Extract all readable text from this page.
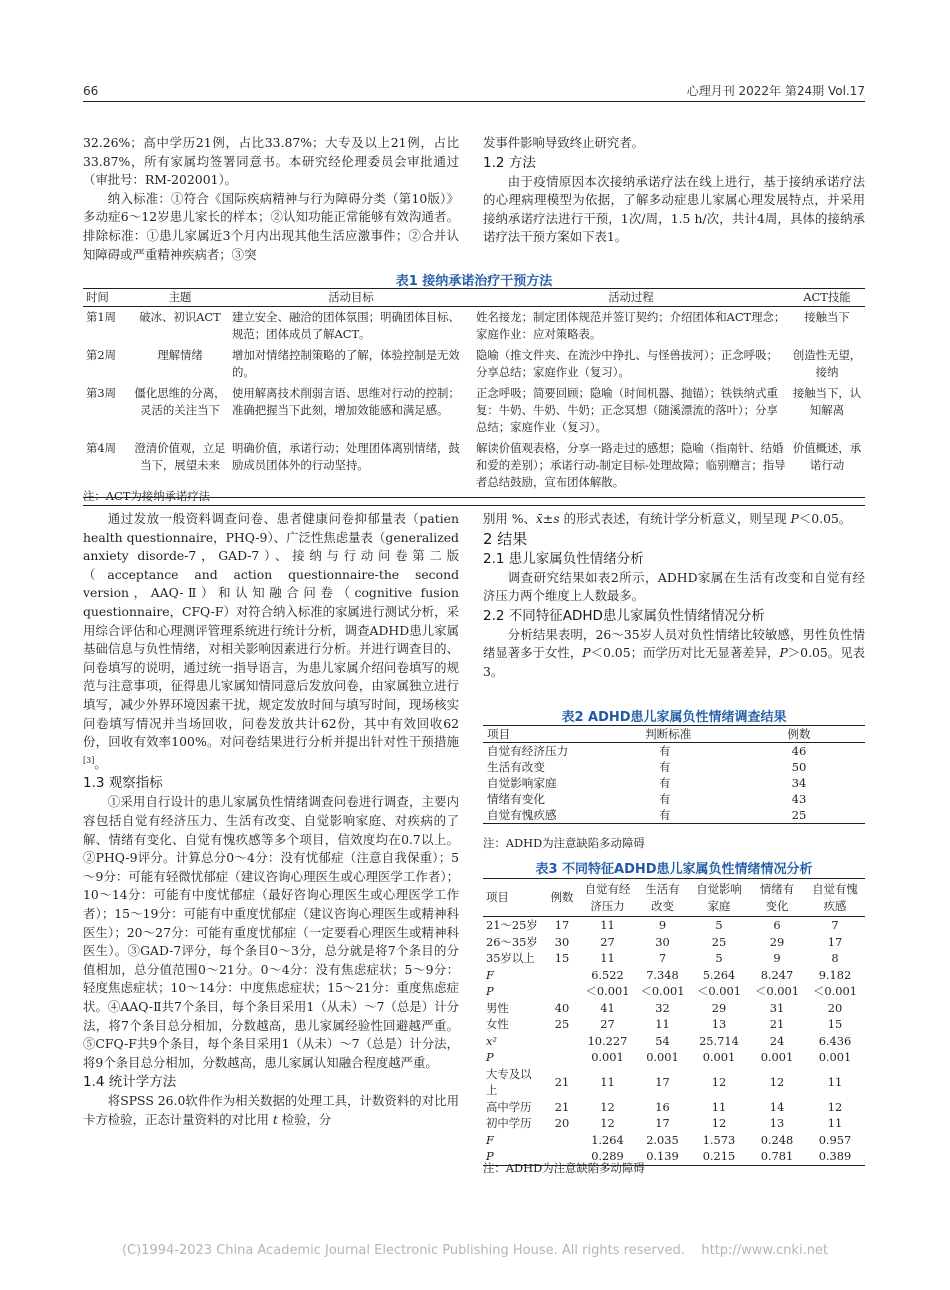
66	心理月刊 2022年 第24期 Vol.17

32.26%；高中学历21例，占比33.87%；大专及以上21例，占比33.87%，所有家属均签署同意书。本研究经伦理委员会审批通过（审批号：RM-202001）。

纳入标准：①符合《国际疾病精神与行为障碍分类（第10版）》多动症6～12岁患儿家长的样本；②认知功能正常能够有效沟通者。排除标准：①患儿家属近3个月内出现其他生活应激事件；②合并认知障碍或严重精神疾病者；③突

发事件影响导致终止研究者。

1.2 方法

由于疫情原因本次接纳承诺疗法在线上进行，基于接纳承诺疗法的心理病理模型为依据，了解多动症患儿家属心理发展特点，并采用接纳承诺疗法进行干预，1次/周，1.5 h/次，共计4周，具体的接纳承诺疗法干预方案如下表1。

表1 接纳承诺治疗干预方法
时间	主题	活动目标	活动过程	ACT技能
第1周	破冰、初识ACT	建立安全、融洽的团体氛围；明确团体目标、规范；团体成员了解ACT。	姓名接龙；制定团体规范并签订契约；介绍团体和ACT理念；家庭作业：应对策略表。	接触当下
第2周	理解情绪	增加对情绪控制策略的了解，体验控制是无效的。	隐喻（推文件夹、在流沙中挣扎、与怪兽拔河）；正念呼吸；分享总结；家庭作业（复习）。	创造性无望，接纳
第3周	僵化思维的分离，灵活的关注当下	使用解离技术削弱言语、思维对行动的控制；准确把握当下此刻，增加效能感和满足感。	正念呼吸；简要回顾；隐喻（时间机器、抛锚）；铁铁纳式重复：牛奶、牛奶、牛奶；正念冥想（随溪漂流的落叶）；分享总结；家庭作业（复习）。	接触当下，认知解离
第4周	澄清价值观，立足当下，展望未来	明确价值，承诺行动；处理团体离别情绪，鼓励成员团体外的行动坚持。	解读价值观表格，分享一路走过的感想；隐喻（指南针、结婚和爱的差别）；承诺行动-制定目标-处理故障；临别赠言；指导者总结鼓励，宣布团体解散。	价值概述，承诺行动
注：ACT为接纳承诺疗法

通过发放一般资料调查问卷、患者健康问卷抑郁量表（patien health questionnaire，PHQ-9）、广泛性焦虑量表（generalized anxiety disorde-7，GAD-7）、接纳与行动问卷第二版（acceptance and action questionnaire-the second version，AAQ-Ⅱ）和认知融合问卷（cognitive fusion questionnaire，CFQ-F）对符合纳入标准的家属进行测试分析，采用综合评估和心理测评管理系统进行统计分析，调查ADHD患儿家属基础信息与负性情绪，对相关影响因素进行分析。并进行调查目的、问卷填写的说明，通过统一指导语言，为患儿家属介绍问卷填写的规范与注意事项，征得患儿家属知情同意后发放问卷，由家属独立进行填写，减少外界环境因素干扰，规定发放时间与填写时间，现场核实问卷填写情况并当场回收，问卷发放共计62份，其中有效回收62份，回收有效率100%。对问卷结果进行分析并提出针对性干预措施[3]。

1.3 观察指标

①采用自行设计的患儿家属负性情绪调查问卷进行调查，主要内容包括自觉有经济压力、生活有改变、自觉影响家庭、对疾病的了解、情绪有变化、自觉有愧疚感等多个项目，信效度均在0.7以上。②PHQ-9评分。计算总分0～4分：没有忧郁症（注意自我保重）；5～9分：可能有轻微忧郁症（建议咨询心理医生或心理医学工作者）；10～14分：可能有中度忧郁症（最好咨询心理医生或心理医学工作者）；15～19分：可能有中重度忧郁症（建议咨询心理医生或精神科医生）；20～27分：可能有重度忧郁症（一定要看心理医生或精神科医生）。③GAD-7评分，每个条目0～3分，总分就是将7个条目的分值相加，总分值范围0～21分。0～4分：没有焦虑症状；5～9分：轻度焦虑症状；10～14分：中度焦虑症状；15～21分：重度焦虑症状。④AAQ-Ⅱ共7个条目，每个条目采用1（从未）～7（总是）计分法，将7个条目总分相加，分数越高，患儿家属经验性回避越严重。⑤CFQ-F共9个条目，每个条目采用1（从未）～7（总是）计分法，将9个条目总分相加，分数越高，患儿家属认知融合程度越严重。

1.4 统计学方法

将SPSS 26.0软件作为相关数据的处理工具，计数资料的对比用卡方检验，正态计量资料的对比用 t 检验，分

别用 %、x̄±s 的形式表述，有统计学分析意义，则呈现 P＜0.05。

2 结果

2.1 患儿家属负性情绪分析

调查研究结果如表2所示，ADHD家属在生活有改变和自觉有经济压力两个维度上人数最多。

2.2 不同特征ADHD患儿家属负性情绪情况分析

分析结果表明，26～35岁人员对负性情绪比较敏感，男性负性情绪显著多于女性，P＜0.05；而学历对比无显著差异，P＞0.05。见表3。

表2 ADHD患儿家属负性情绪调查结果
项目	判断标准	例数
自觉有经济压力	有	46
生活有改变	有	50
自觉影响家庭	有	34
情绪有变化	有	43
自觉有愧疚感	有	25
注：ADHD为注意缺陷多动障碍
表3 不同特征ADHD患儿家属负性情绪情况分析
项目	例数	自觉有经济压力	生活有改变	自觉影响家庭	情绪有变化	自觉有愧疚感
21～25岁	17	11	9	5	6	7
26～35岁	30	27	30	25	29	17
35岁以上	15	11	7	5	9	8
F		6.522	7.348	5.264	8.247	9.182
P		＜0.001	＜0.001	＜0.001	＜0.001	＜0.001
男性	40	41	32	29	31	20
女性	25	27	11	13	21	15
x²		10.227	54	25.714	24	6.436
P		0.001	0.001	0.001	0.001	0.001
大专及以上	21	11	17	12	12	11
高中学历	21	12	16	11	14	12
初中学历	20	12	17	12	13	11
F		1.264	2.035	1.573	0.248	0.957
P		0.289	0.139	0.215	0.781	0.389
注：ADHD为注意缺陷多动障碍
(C)1994-2023 China Academic Journal Electronic Publishing House. All rights reserved.    http://www.cnki.net
